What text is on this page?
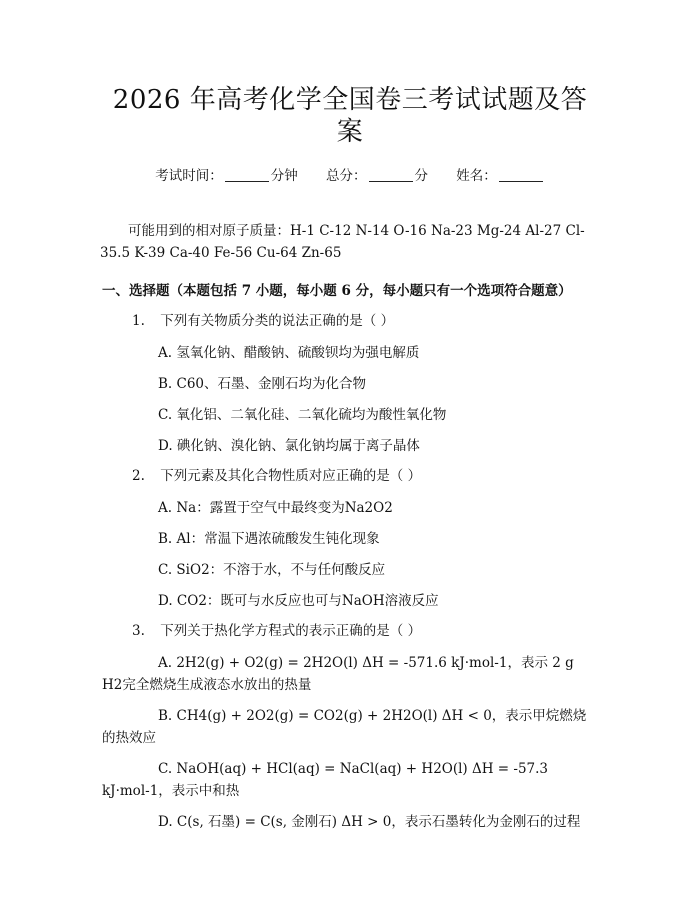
2026 年高考化学全国卷三考试试题及答案
考试时间：	分钟 总分：	分 姓名：
可能用到的相对原子质量：H-1 C-12 N-14 O-16 Na-23 Mg-24 Al-27 Cl-35.5 K-39 Ca-40 Fe-56 Cu-64 Zn-65
一、选择题（本题包括 7 小题，每小题 6 分，每小题只有一个选项符合题意）
1. 下列有关物质分类的说法正确的是（ ）
A. 氢氧化钠、醋酸钠、硫酸钡均为强电解质
B. C60、石墨、金刚石均为化合物
C. 氧化铝、二氧化硅、二氧化硫均为酸性氧化物
D. 碘化钠、溴化钠、氯化钠均属于离子晶体
2. 下列元素及其化合物性质对应正确的是（ ）
A. Na：露置于空气中最终变为Na2O2
B. Al：常温下遇浓硫酸发生钝化现象
C. SiO2：不溶于水，不与任何酸反应
D. CO2：既可与水反应也可与NaOH溶液反应
3. 下列关于热化学方程式的表示正确的是（ ）
A. 2H2(g) + O2(g) = 2H2O(l) ΔH = -571.6 kJ·mol-1，表示 2 g H2完全燃烧生成液态水放出的热量
B. CH4(g) + 2O2(g) = CO2(g) + 2H2O(l) ΔH < 0，表示甲烷燃烧的热效应
C. NaOH(aq) + HCl(aq) = NaCl(aq) + H2O(l) ΔH = -57.3 kJ·mol-1，表示中和热
D. C(s, 石墨) = C(s, 金刚石) ΔH > 0，表示石墨转化为金刚石的过程
